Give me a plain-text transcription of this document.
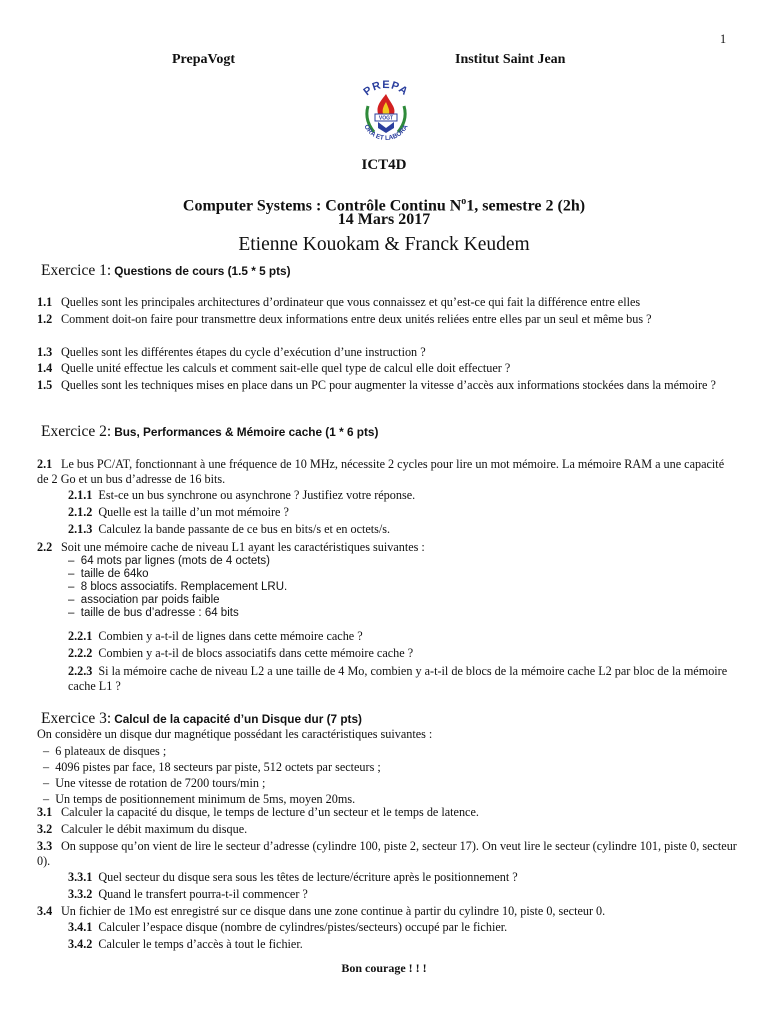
1
PrepaVogt	Institut Saint Jean
PREPA
VOGT
ORA ET LABORA
ICT4D
Computer Systems : Contrôle Continu $N^o1$, semestre 2 (2h)
14 Mars 2017
Etienne Kouokam & Franck Keudem
Exercice 1: Questions de cours (1.5 * 5 pts)
1.1 Quelles sont les principales architectures d’ordinateur que vous connaissez et qu’est-ce qui fait la différence entre elles
1.2 Comment doit-on faire pour transmettre deux informations entre deux unités reliées entre elles par un seul et même bus ?
1.3 Quelles sont les différentes étapes du cycle d’exécution d’une instruction ?
1.4 Quelle unité effectue les calculs et comment sait-elle quel type de calcul elle doit effectuer ?
1.5 Quelles sont les techniques mises en place dans un PC pour augmenter la vitesse d’accès aux informations stockées dans la mémoire ?
Exercice 2: Bus, Performances & Mémoire cache (1 * 6 pts)
2.1 Le bus PC/AT, fonctionnant à une fréquence de 10 MHz, nécessite 2 cycles pour lire un mot mémoire. La mémoire RAM a une capacité de 2 Go et un bus d’adresse de 16 bits.
2.1.1 Est-ce un bus synchrone ou asynchrone ? Justifiez votre réponse.
2.1.2 Quelle est la taille d’un mot mémoire ?
2.1.3 Calculez la bande passante de ce bus en bits/s et en octets/s.
2.2 Soit une mémoire cache de niveau L1 ayant les caractéristiques suivantes :
–  64 mots par lignes (mots de 4 octets)
–  taille de 64ko
–  8 blocs associatifs. Remplacement LRU.
–  association par poids faible
–  taille de bus d’adresse : 64 bits
2.2.1 Combien y a-t-il de lignes dans cette mémoire cache ?
2.2.2 Combien y a-t-il de blocs associatifs dans cette mémoire cache ?
2.2.3 Si la mémoire cache de niveau L2 a une taille de 4 Mo, combien y a-t-il de blocs de la mémoire cache L2 par bloc de la mémoire cache L1 ?
Exercice 3: Calcul de la capacité d’un Disque dur (7 pts)
On considère un disque dur magnétique possédant les caractéristiques suivantes :
–  6 plateaux de disques ;
–  4096 pistes par face, 18 secteurs par piste, 512 octets par secteurs ;
–  Une vitesse de rotation de 7200 tours/min ;
–  Un temps de positionnement minimum de 5ms, moyen 20ms.
3.1 Calculer la capacité du disque, le temps de lecture d’un secteur et le temps de latence.
3.2 Calculer le débit maximum du disque.
3.3 On suppose qu’on vient de lire le secteur d’adresse (cylindre 100, piste 2, secteur 17). On veut lire le secteur (cylindre 101, piste 0, secteur 0).
3.3.1 Quel secteur du disque sera sous les têtes de lecture/écriture après le positionnement ?
3.3.2 Quand le transfert pourra-t-il commencer ?
3.4 Un fichier de 1Mo est enregistré sur ce disque dans une zone continue à partir du cylindre 10, piste 0, secteur 0.
3.4.1 Calculer l’espace disque (nombre de cylindres/pistes/secteurs) occupé par le fichier.
3.4.2 Calculer le temps d’accès à tout le fichier.
Bon courage ! ! !
